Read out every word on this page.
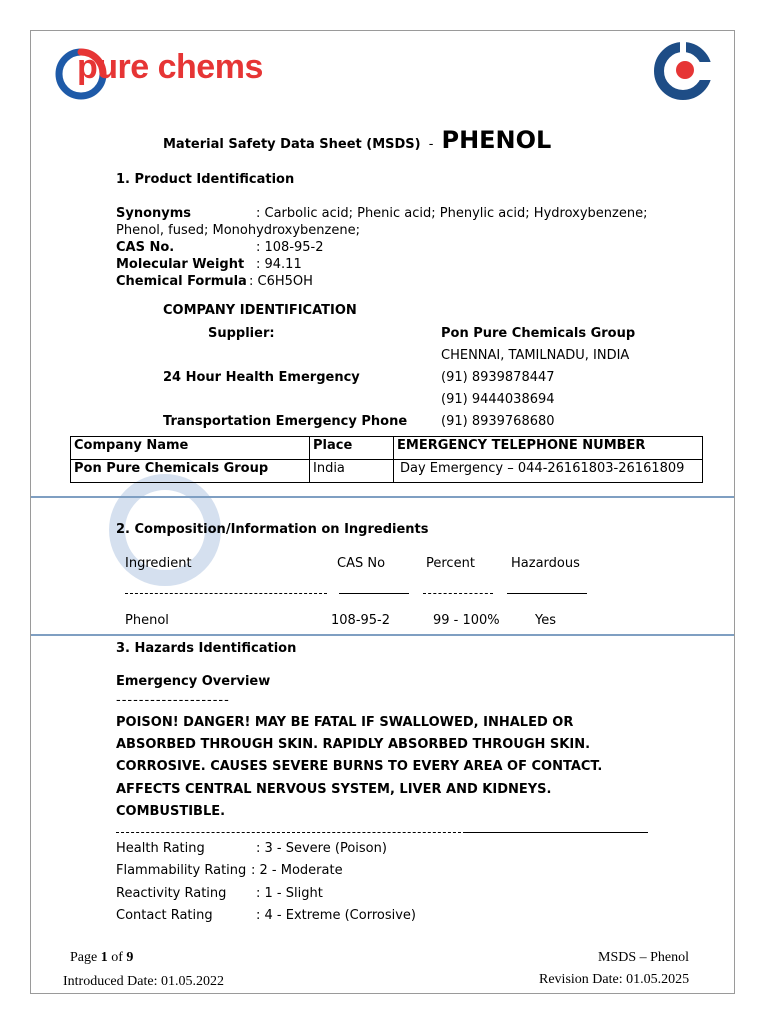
pure chems
Material Safety Data Sheet (MSDS) - PHENOL
1. Product Identification
Synonyms	: Carbolic acid; Phenic acid; Phenylic acid; Hydroxybenzene;
Phenol, fused; Monohydroxybenzene;
CAS No.	: 108-95-2
Molecular Weight : 94.11
Chemical Formula : C6H5OH
COMPANY IDENTIFICATION
Supplier:	Pon Pure Chemicals Group
CHENNAI, TAMILNADU, INDIA
24 Hour Health Emergency	(91) 8939878447
(91) 9444038694
Transportation Emergency Phone	(91) 8939768680
Company Name	Place	EMERGENCY TELEPHONE NUMBER
Pon Pure Chemicals Group	India	Day Emergency – 044-26161803-26161809
2. Composition/Information on Ingredients
Ingredient	CAS No	Percent	Hazardous
Phenol	108-95-2	99 - 100%	Yes
3. Hazards Identification
Emergency Overview
--------------------
POISON! DANGER! MAY BE FATAL IF SWALLOWED, INHALED OR
ABSORBED THROUGH SKIN. RAPIDLY ABSORBED THROUGH SKIN.
CORROSIVE. CAUSES SEVERE BURNS TO EVERY AREA OF CONTACT.
AFFECTS CENTRAL NERVOUS SYSTEM, LIVER AND KIDNEYS.
COMBUSTIBLE.
Health Rating	: 3 - Severe (Poison)
Flammability Rating : 2 - Moderate
Reactivity Rating : 1 - Slight
Contact Rating	: 4 - Extreme (Corrosive)
Page 1 of 9	MSDS – Phenol
Introduced Date: 01.05.2022	Revision Date: 01.05.2025
